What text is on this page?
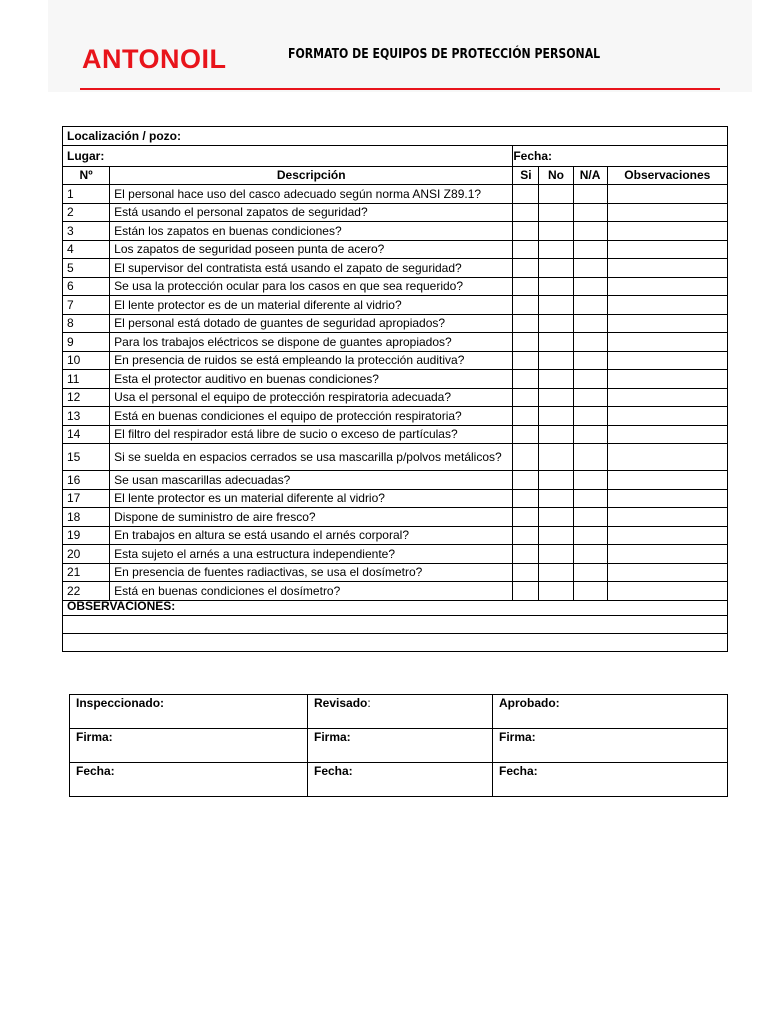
ANTONOIL	FORMATO DE EQUIPOS DE PROTECCIÓN PERSONAL
Localización / pozo:					
Lugar:		Fecha:			
Nº	Descripción	Si	No	N/A	Observaciones
1	El personal hace uso del casco adecuado según norma ANSI Z89.1?				
2	Está usando el personal zapatos de seguridad?				
3	Están los zapatos en buenas condiciones?				
4	Los zapatos de seguridad poseen punta de acero?				
5	El supervisor del contratista está usando el zapato de seguridad?				
6	Se usa la protección ocular para los casos en que sea requerido?				
7	El lente protector es de un material diferente al vidrio?				
8	El personal está dotado de guantes de seguridad apropiados?				
9	Para los trabajos eléctricos se dispone de guantes apropiados?				
10	En presencia de ruidos se está empleando la protección auditiva?				
11	Esta el protector auditivo en buenas condiciones?				
12	Usa el personal el equipo de protección respiratoria adecuada?				
13	Está en buenas condiciones el equipo de protección respiratoria?				
14	El filtro del respirador está libre de sucio o exceso de partículas?				
15	Si se suelda en espacios cerrados se usa mascarilla p/polvos metálicos?				
16	Se usan mascarillas adecuadas?				
17	El lente protector es un material diferente al vidrio?				
18	Dispone de suministro de aire fresco?				
19	En trabajos en altura se está usando el arnés corporal?				
20	Esta sujeto el arnés a una estructura independiente?				
21	En presencia de fuentes radiactivas, se usa el dosímetro?				
22	Está en buenas condiciones el dosímetro?				
OBSERVACIONES:					

Inspeccionado:	Revisado:	Aprobado:
Firma:	Firma:	Firma:
Fecha:	Fecha:	Fecha:
